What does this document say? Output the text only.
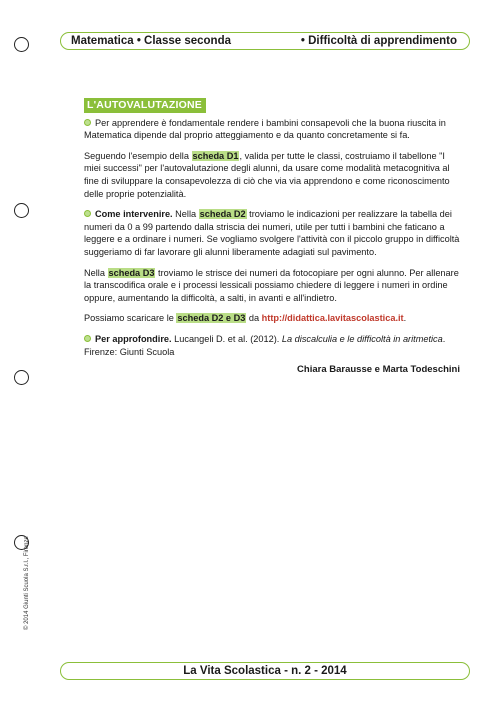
Matematica • Classe seconda	• Difficoltà di apprendimento
L'AUTOVALUTAZIONE

Per apprendere è fondamentale rendere i bambini consapevoli che la buona riuscita in Matematica dipende dal proprio atteggiamento e da quanto concretamente si fa.

Seguendo l'esempio della scheda D1, valida per tutte le classi, costruiamo il tabellone "I miei successi" per l'autovalutazione degli alunni, da usare come modalità metacognitiva al fine di sviluppare la consapevolezza di ciò che via via apprendono e come riconoscimento delle proprie potenzialità.

Come intervenire. Nella scheda D2 troviamo le indicazioni per realizzare la tabella dei numeri da 0 a 99 partendo dalla striscia dei numeri, utile per tutti i bambini che faticano a leggere e a ordinare i numeri. Se vogliamo svolgere l'attività con il piccolo gruppo in difficoltà suggeriamo di far lavorare gli alunni liberamente adagiati sul pavimento.

Nella scheda D3 troviamo le strisce dei numeri da fotocopiare per ogni alunno. Per allenare la transcodifica orale e i processi lessicali possiamo chiedere di leggere i numeri in ordine oppure, aumentando la difficoltà, a salti, in avanti e all'indietro.

Possiamo scaricare le scheda D2 e D3 da http://didattica.lavitascolastica.it.

Per approfondire. Lucangeli D. et al. (2012). La discalculia e le difficoltà in aritmetica. Firenze: Giunti Scuola

Chiara Barausse e Marta Todeschini
© 2014 Giunti Scuola S.r.l., Firenze
La Vita Scolastica - n. 2 - 2014
